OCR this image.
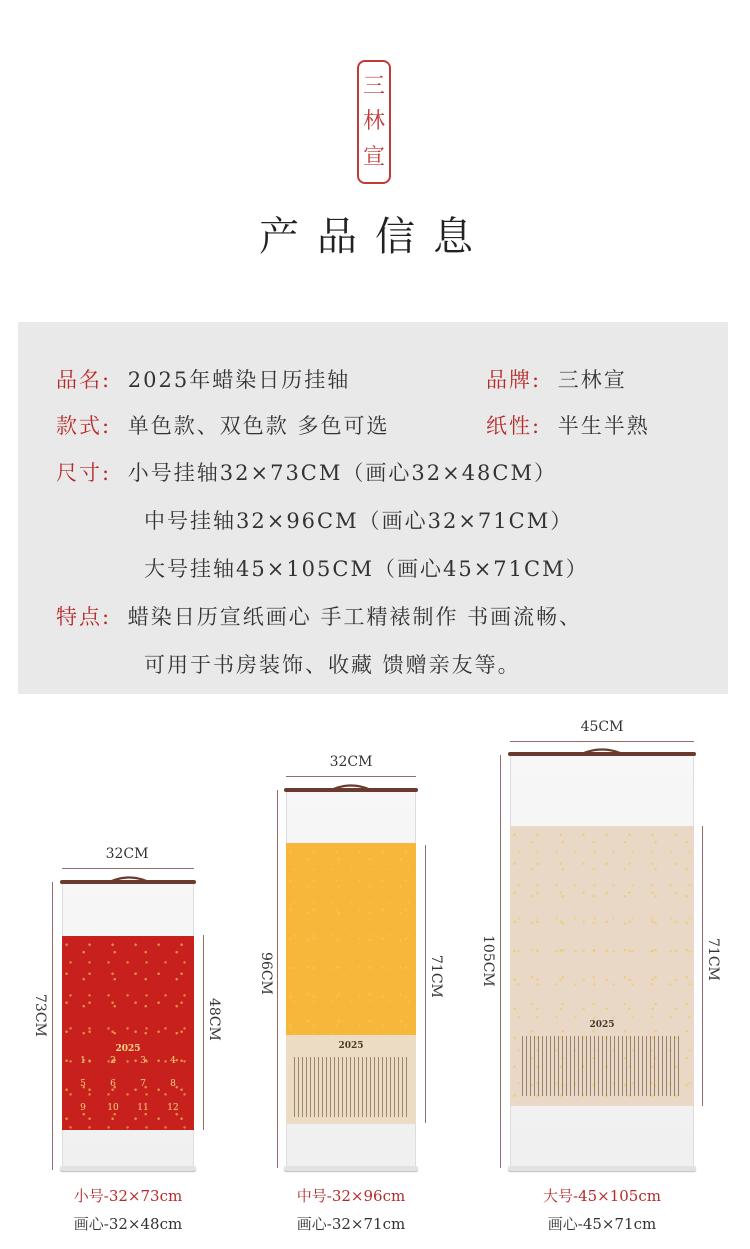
三
林
宣
产品信息
品名: 2025年蜡染日历挂轴	品牌: 三林宣
款式: 单色款、双色款 多色可选	纸性: 半生半熟
尺寸: 小号挂轴32×73CM（画心32×48CM）
中号挂轴32×96CM（画心32×71CM）
大号挂轴45×105CM（画心45×71CM）
特点: 蜡染日历宣纸画心 手工精裱制作 书画流畅、
可用于书房装饰、收藏 馈赠亲友等。
32CM
73CM	48CM
2025
1	2	3	4
5	6	7	8
9	10	11	12
小号-32×73cm
画心-32×48cm
32CM
96CM	71CM
2025
中号-32×96cm
画心-32×71cm
45CM
105CM	71CM
2025
大号-45×105cm
画心-45×71cm
